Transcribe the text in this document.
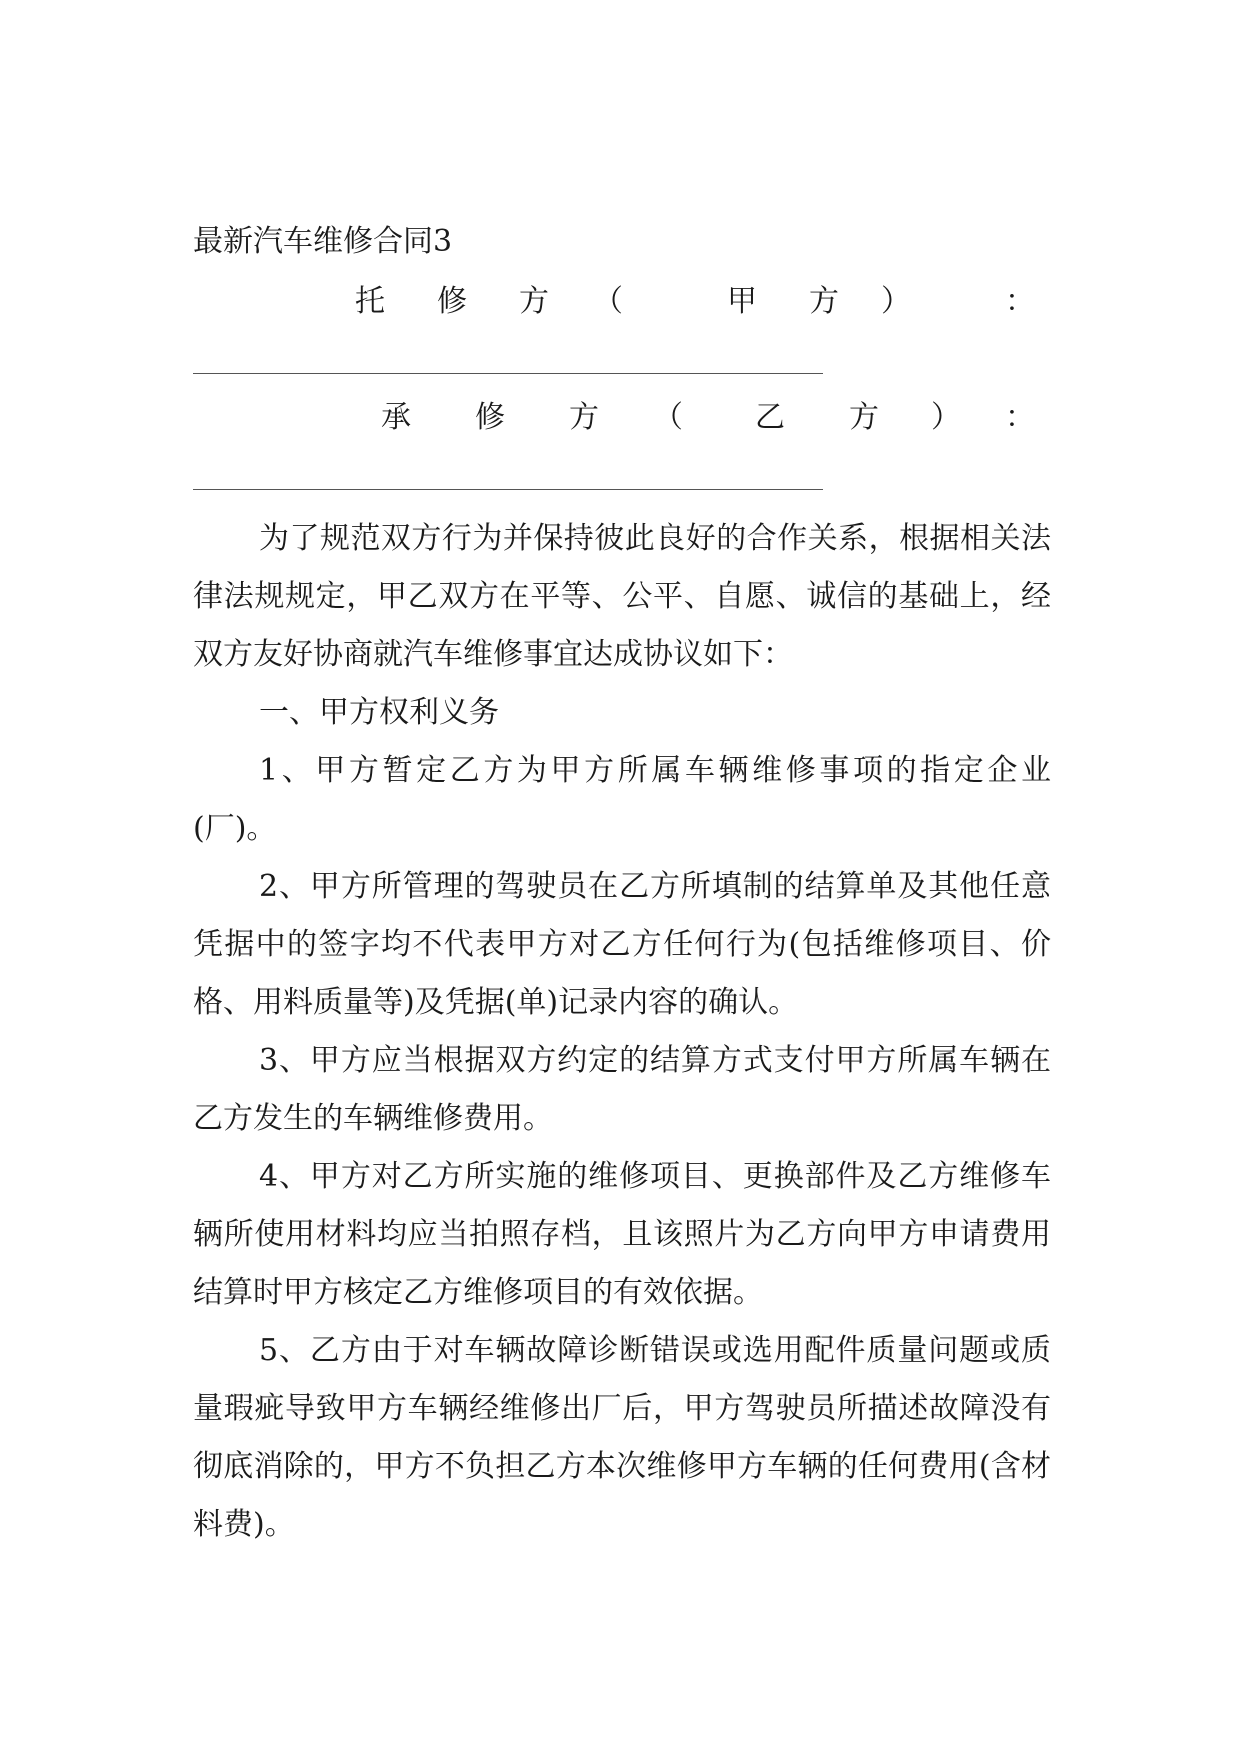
最新汽车维修合同3
托 修 方 （	甲 方 ）	：
承 修 方 （ 乙 方 ） ：

为了规范双方行为并保持彼此良好的合作关系，根据相关法律法规规定，甲乙双方在平等、公平、自愿、诚信的基础上，经双方友好协商就汽车维修事宜达成协议如下：

一、甲方权利义务

1、甲方暂定乙方为甲方所属车辆维修事项的指定企业(厂)。

2、甲方所管理的驾驶员在乙方所填制的结算单及其他任意凭据中的签字均不代表甲方对乙方任何行为(包括维修项目、价格、用料质量等)及凭据(单)记录内容的确认。

3、甲方应当根据双方约定的结算方式支付甲方所属车辆在乙方发生的车辆维修费用。

4、甲方对乙方所实施的维修项目、更换部件及乙方维修车辆所使用材料均应当拍照存档，且该照片为乙方向甲方申请费用结算时甲方核定乙方维修项目的有效依据。

5、乙方由于对车辆故障诊断错误或选用配件质量问题或质量瑕疵导致甲方车辆经维修出厂后，甲方驾驶员所描述故障没有彻底消除的，甲方不负担乙方本次维修甲方车辆的任何费用(含材料费)。
